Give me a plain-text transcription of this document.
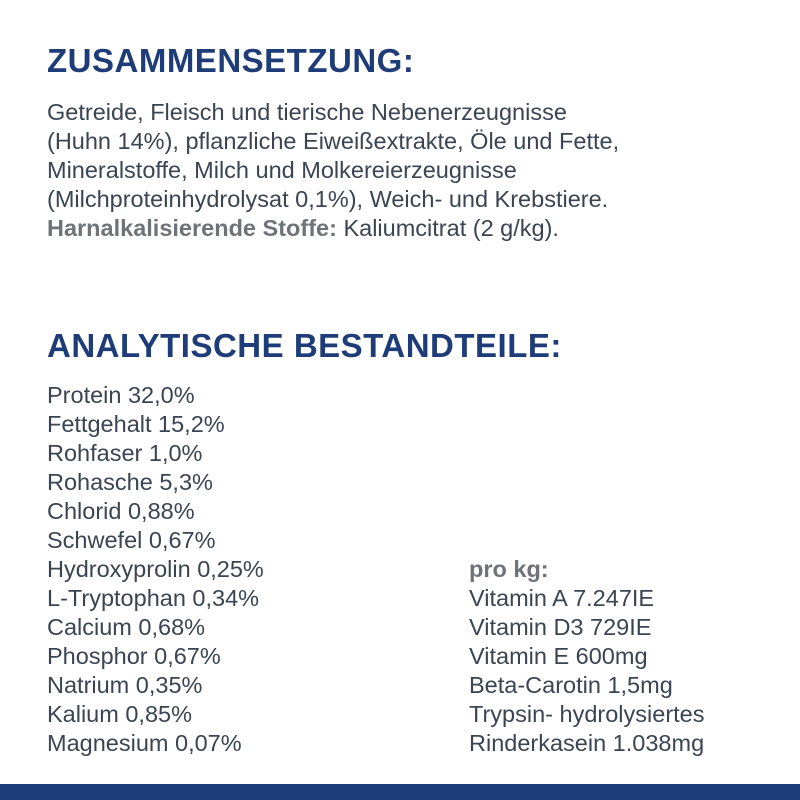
ZUSAMMENSETZUNG:
Getreide, Fleisch und tierische Nebenerzeugnisse
(Huhn 14%), pflanzliche Eiweißextrakte, Öle und Fette,
Mineralstoffe, Milch und Molkereierzeugnisse
(Milchproteinhydrolysat 0,1%), Weich- und Krebstiere.
Harnalkalisierende Stoffe: Kaliumcitrat (2 g/kg).
ANALYTISCHE BESTANDTEILE:
Protein 32,0%
Fettgehalt 15,2%
Rohfaser 1,0%
Rohasche 5,3%
Chlorid 0,88%
Schwefel 0,67%
Hydroxyprolin 0,25%
L-Tryptophan 0,34%
Calcium 0,68%
Phosphor 0,67%
Natrium 0,35%
Kalium 0,85%
Magnesium 0,07%
pro kg:
Vitamin A 7.247IE
Vitamin D3 729IE
Vitamin E 600mg
Beta-Carotin 1,5mg
Trypsin- hydrolysiertes
Rinderkasein 1.038mg
